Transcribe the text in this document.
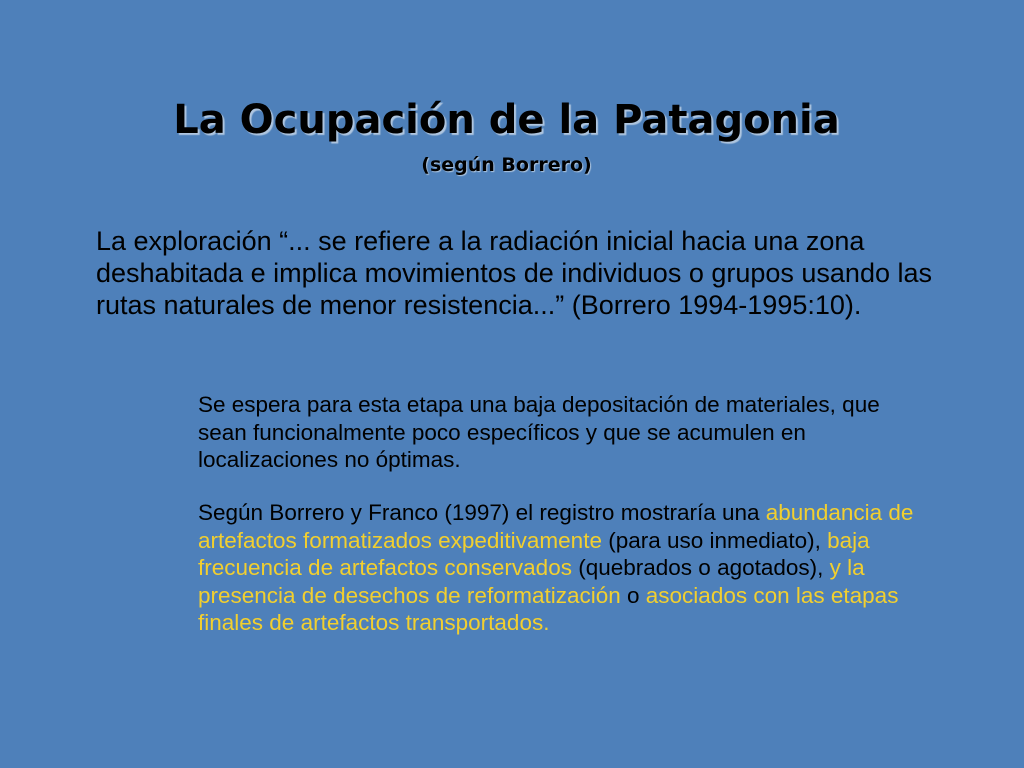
La Ocupación de la Patagonia
(según Borrero)
La exploración “... se refiere a la radiación inicial hacia una zona deshabitada e implica movimientos de individuos o grupos usando las rutas naturales de menor resistencia...” (Borrero 1994-1995:10).
Se espera para esta etapa una baja depositación de materiales, que sean funcionalmente poco específicos y que se acumulen en localizaciones no óptimas.
Según Borrero y Franco (1997) el registro mostraría una abundancia de artefactos formatizados expeditivamente (para uso inmediato), baja frecuencia de artefactos conservados (quebrados o agotados), y la presencia de desechos de reformatización o asociados con las etapas finales de artefactos transportados.
